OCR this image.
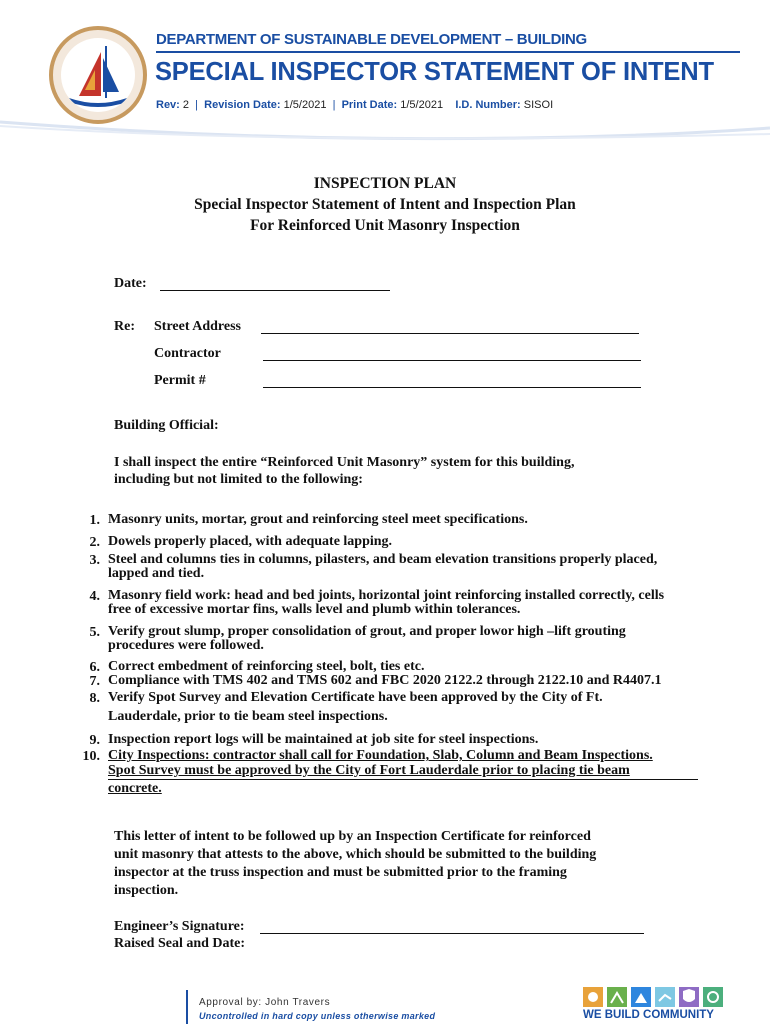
DEPARTMENT OF SUSTAINABLE DEVELOPMENT – BUILDING
SPECIAL INSPECTOR STATEMENT OF INTENT
Rev: 2 | Revision Date: 1/5/2021 | Print Date: 1/5/2021 I.D. Number: SISOI
INSPECTION PLAN
Special Inspector Statement of Intent and Inspection Plan
For Reinforced Unit Masonry Inspection
Date:
Re: Street Address
Contractor
Permit #
Building Official:
I shall inspect the entire “Reinforced Unit Masonry” system for this building,
including but not limited to the following:
1. Masonry units, mortar, grout and reinforcing steel meet specifications.
2. Dowels properly placed, with adequate lapping.
3. Steel and columns ties in columns, pilasters, and beam elevation transitions properly placed,
lapped and tied.
4. Masonry field work: head and bed joints, horizontal joint reinforcing installed correctly, cells
free of excessive mortar fins, walls level and plumb within tolerances.
5. Verify grout slump, proper consolidation of grout, and proper lowor high –lift grouting
procedures were followed.
6. Correct embedment of reinforcing steel, bolt, ties etc.
7. Compliance with TMS 402 and TMS 602 and FBC 2020 2122.2 through 2122.10 and R4407.1
8. Verify Spot Survey and Elevation Certificate have been approved by the City of Ft.
Lauderdale, prior to tie beam steel inspections.
9. Inspection report logs will be maintained at job site for steel inspections.
10. City Inspections: contractor shall call for Foundation, Slab, Column and Beam Inspections.
Spot Survey must be approved by the City of Fort Lauderdale prior to placing tie beam
concrete.
This letter of intent to be followed up by an Inspection Certificate for reinforced
unit masonry that attests to the above, which should be submitted to the building
inspector at the truss inspection and must be submitted prior to the framing
inspection.
Engineer’s Signature:
Raised Seal and Date:
Approval by: John Travers
Uncontrolled in hard copy unless otherwise marked	WE BUILD COMMUNITY
